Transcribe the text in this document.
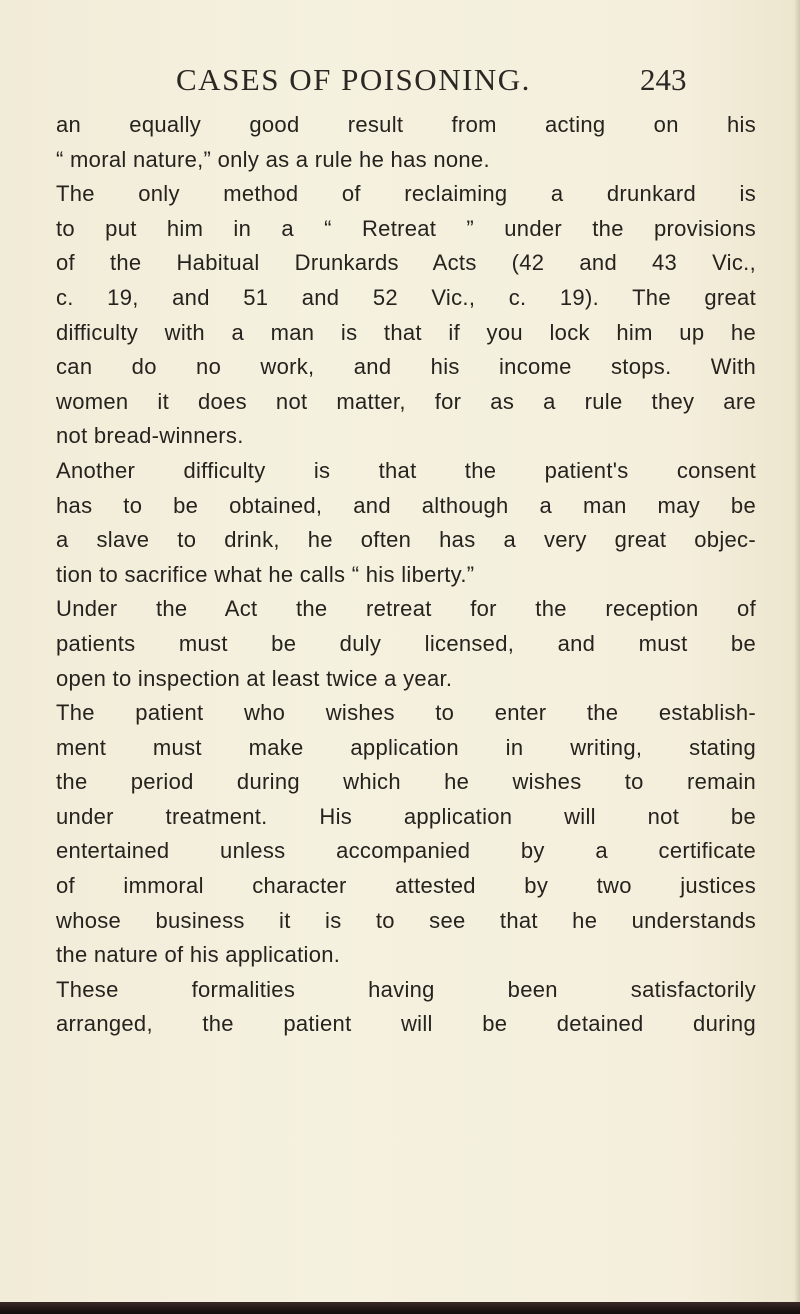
CASES OF POISONING.	243
an equally good result from acting on his
“ moral nature,” only as a rule he has none.
The only method of reclaiming a drunkard is
to put him in a “ Retreat ” under the provisions
of the Habitual Drunkards Acts (42 and 43 Vic.,
c. 19, and 51 and 52 Vic., c. 19). The great
difficulty with a man is that if you lock him up he
can do no work, and his income stops. With
women it does not matter, for as a rule they are
not bread-winners.
Another difficulty is that the patient's consent
has to be obtained, and although a man may be
a slave to drink, he often has a very great objec-
tion to sacrifice what he calls “ his liberty.”
Under the Act the retreat for the reception of
patients must be duly licensed, and must be
open to inspection at least twice a year.
The patient who wishes to enter the establish-
ment must make application in writing, stating
the period during which he wishes to remain
under treatment. His application will not be
entertained unless accompanied by a certificate
of immoral character attested by two justices
whose business it is to see that he understands
the nature of his application.
These formalities having been satisfactorily
arranged, the patient will be detained during
